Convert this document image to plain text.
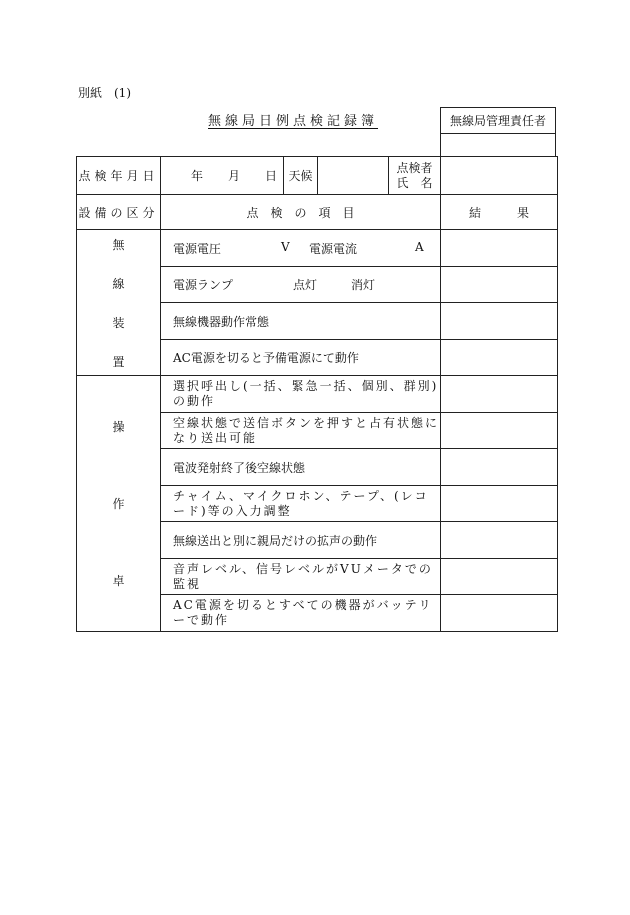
別紙　(1)
無線局日例点検記録簿	無線局管理責任者
点検年月日	年 月 日	天候		点検者
氏　名	

設備の区分	点　検　の　項　目				結　　　果

無
線
装
置	電源電圧 V 電源電流 A				

	電源ランプ 点灯 消灯				

	無線機器動作常態				
	AC電源を切ると予備電源にて動作				

操
作
卓	選択呼出し(一括、緊急一括、個別、群別)の動作				
	空線状態で送信ボタンを押すと占有状態になり送出可能				
	電波発射終了後空線状態				
	チャイム、マイクロホン、テープ、(レコード)等の入力調整				
	無線送出と別に親局だけの拡声の動作				
	音声レベル、信号レベルがVUメータでの監視				
	AC電源を切るとすべての機器がバッテリーで動作				
